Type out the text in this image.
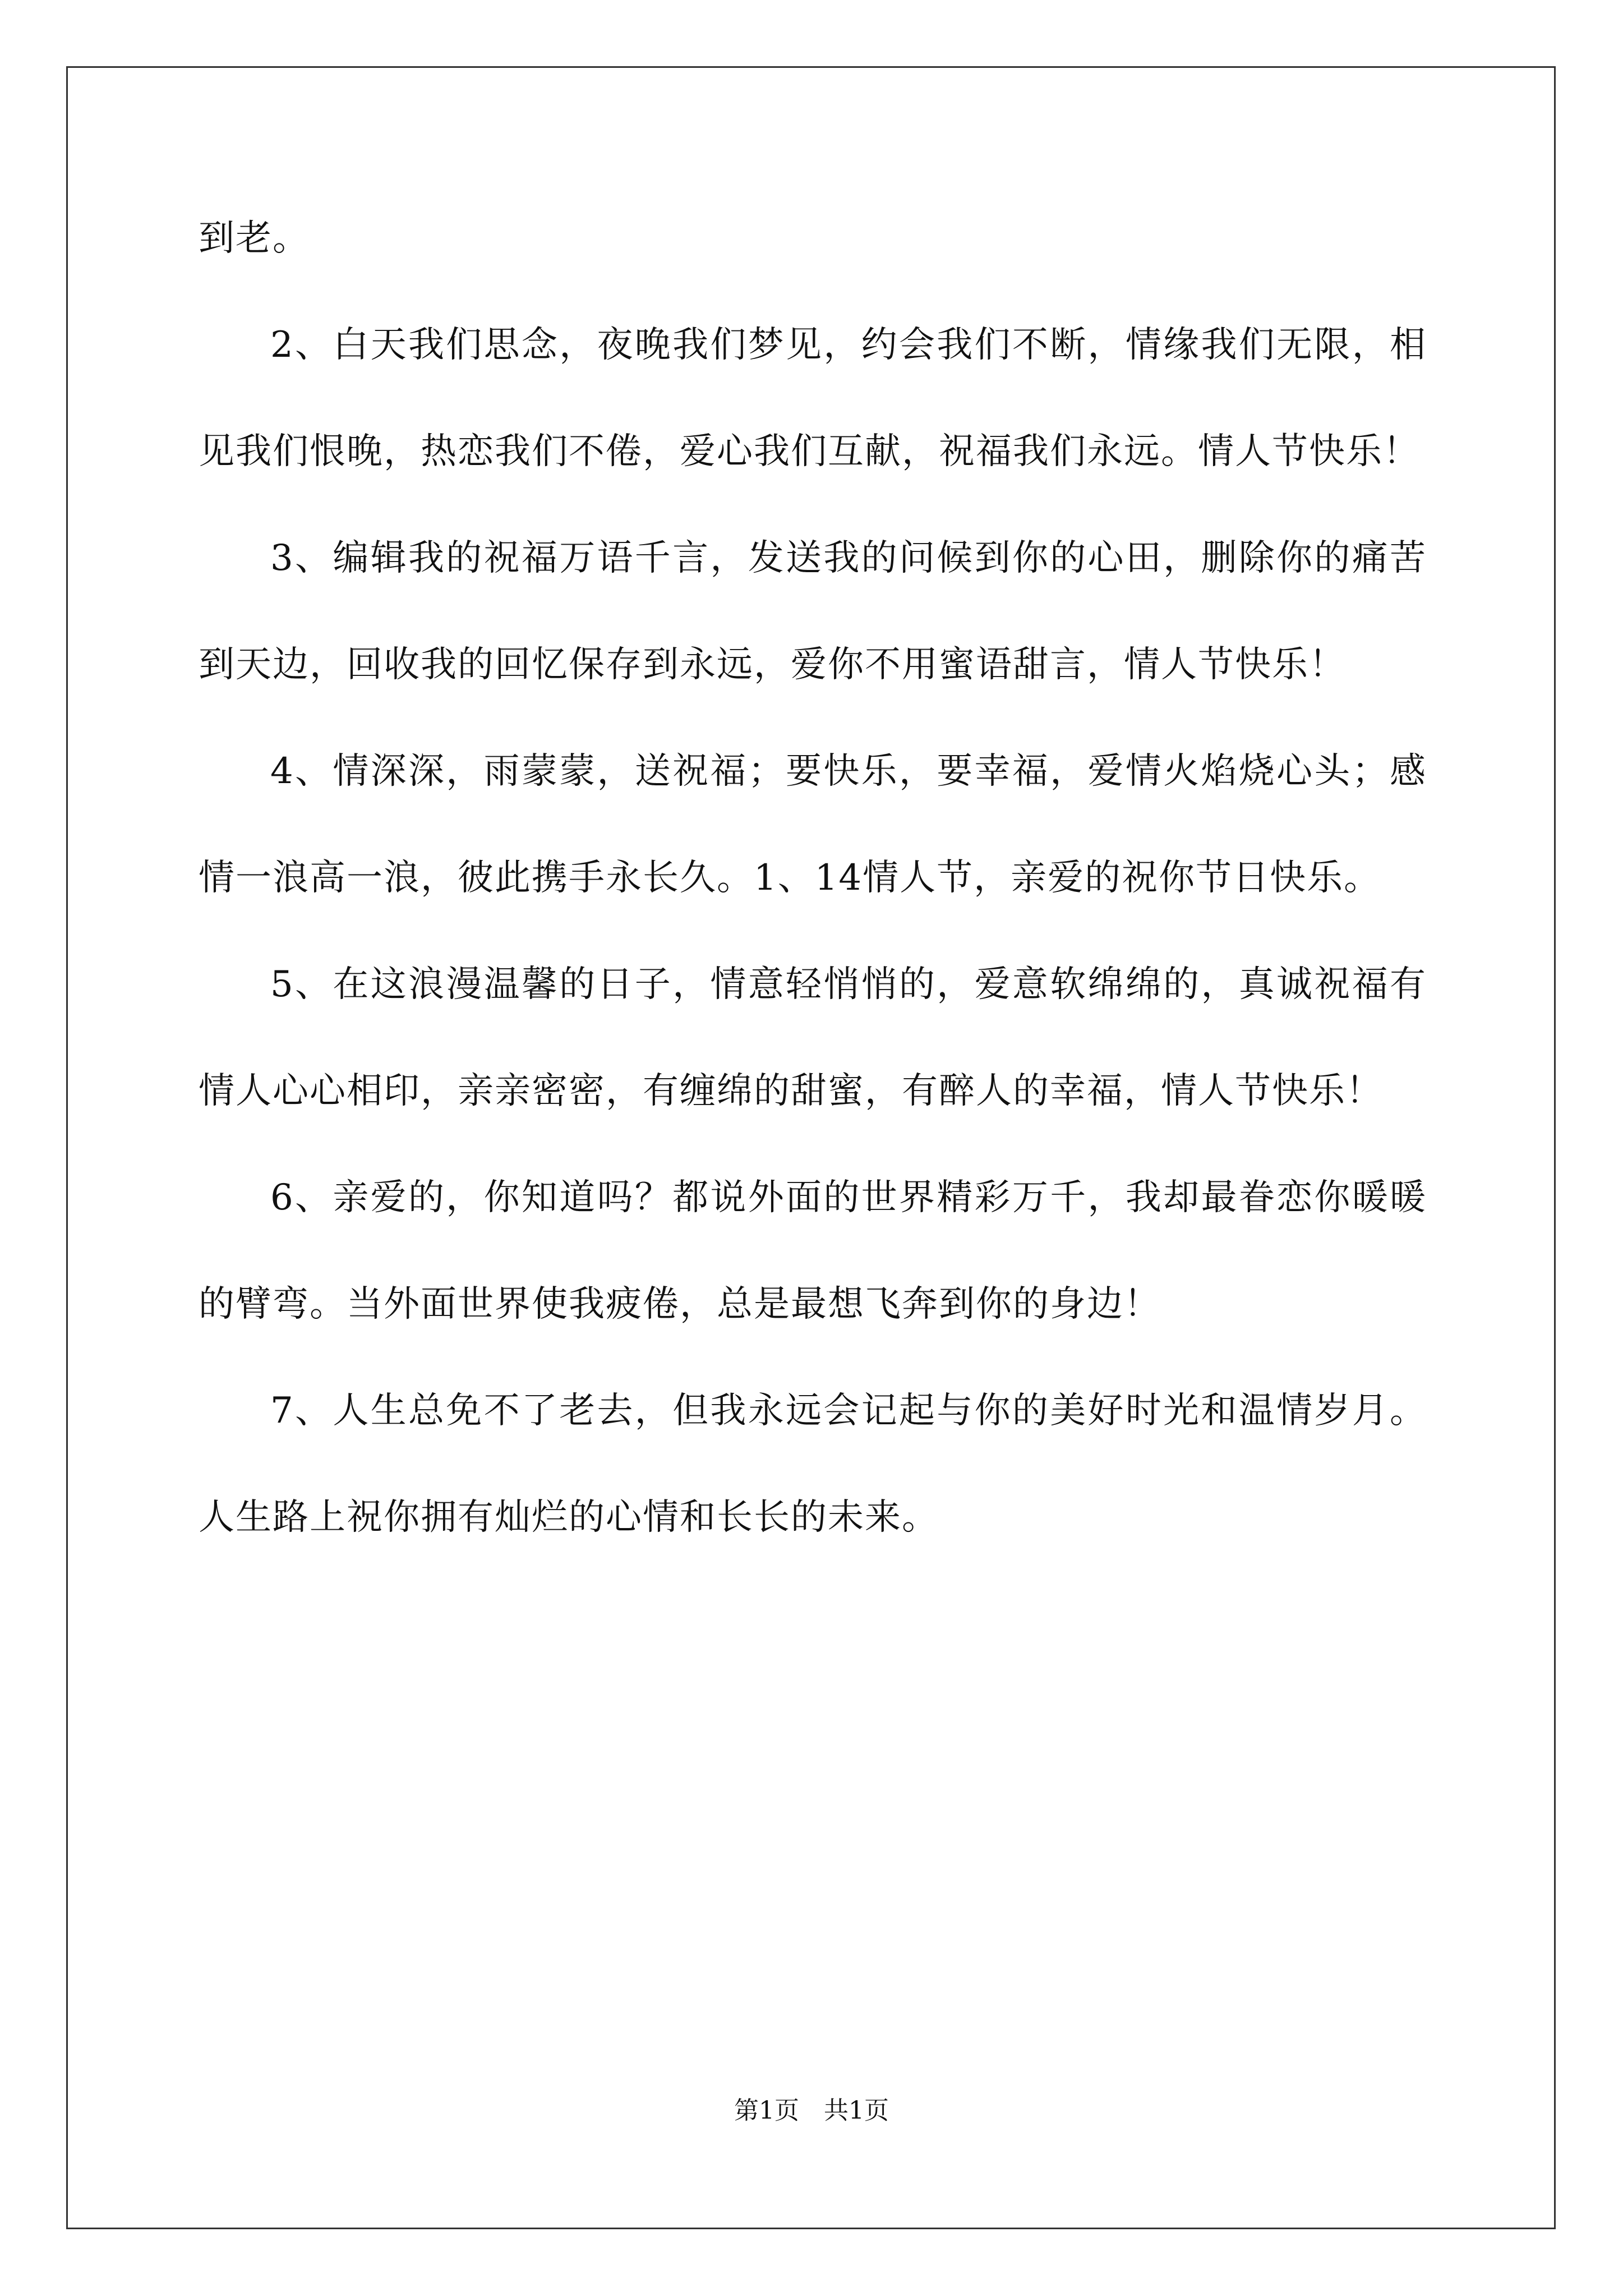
到老。

2、白天我们思念，夜晚我们梦见，约会我们不断，情缘我们无限，相见我们恨晚，热恋我们不倦，爱心我们互献，祝福我们永远。情人节快乐！

3、编辑我的祝福万语千言，发送我的问候到你的心田，删除你的痛苦到天边，回收我的回忆保存到永远，爱你不用蜜语甜言，情人节快乐！

4、情深深，雨蒙蒙，送祝福；要快乐，要幸福，爱情火焰烧心头；感情一浪高一浪，彼此携手永长久。1、14情人节，亲爱的祝你节日快乐。

5、在这浪漫温馨的日子，情意轻悄悄的，爱意软绵绵的，真诚祝福有情人心心相印，亲亲密密，有缠绵的甜蜜，有醉人的幸福，情人节快乐！

6、亲爱的，你知道吗？都说外面的世界精彩万千，我却最眷恋你暖暖的臂弯。当外面世界使我疲倦，总是最想飞奔到你的身边！

7、人生总免不了老去，但我永远会记起与你的美好时光和温情岁月。人生路上祝你拥有灿烂的心情和长长的未来。

第1页　共1页
